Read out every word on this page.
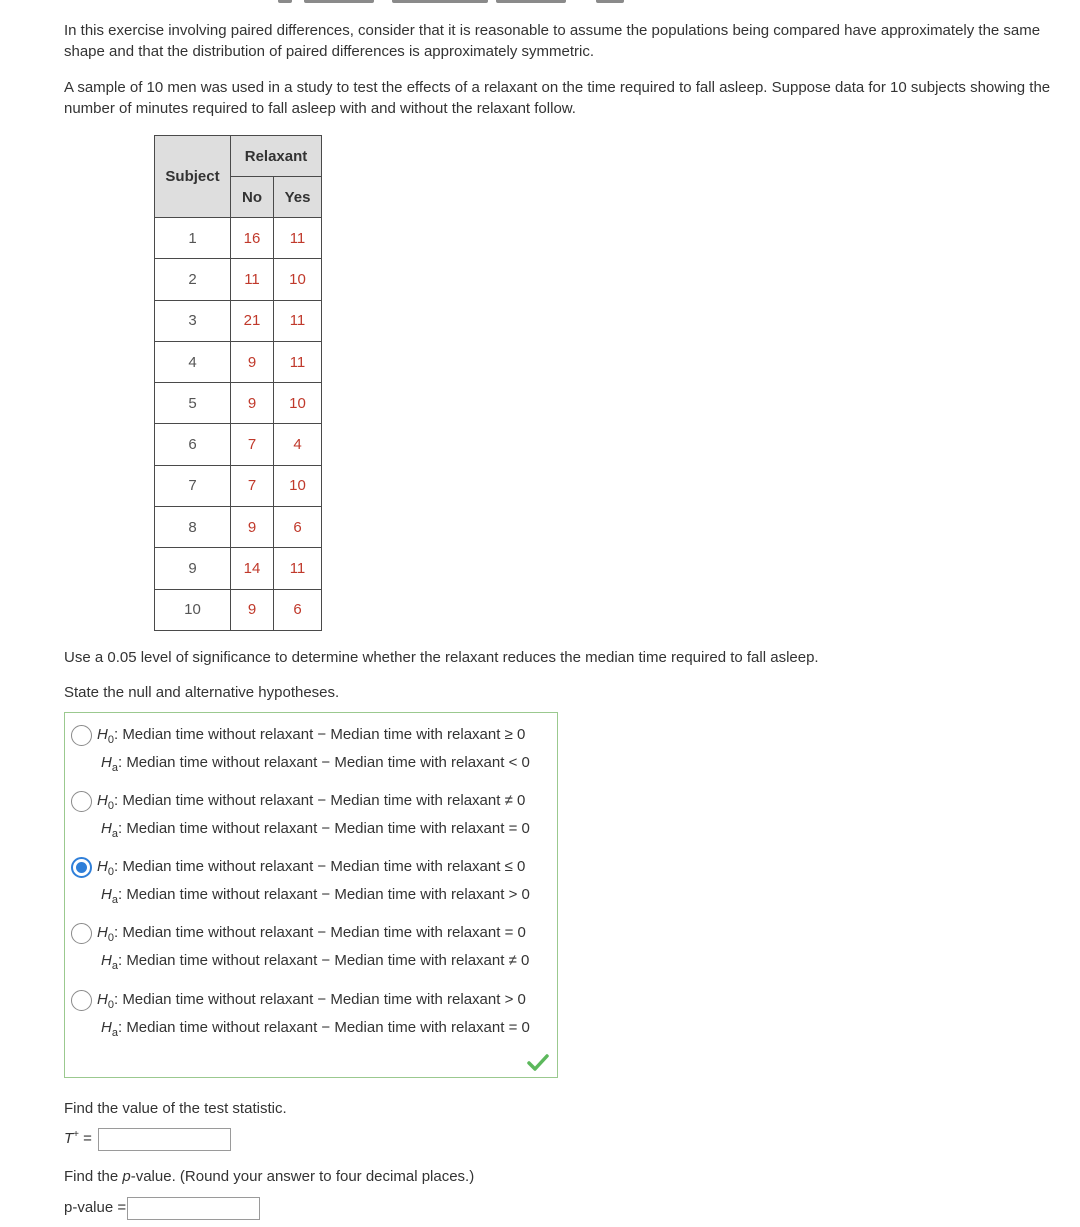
In this exercise involving paired differences, consider that it is reasonable to assume the populations being compared have approximately the same shape and that the distribution of paired differences is approximately symmetric.

A sample of 10 men was used in a study to test the effects of a relaxant on the time required to fall asleep. Suppose data for 10 subjects showing the number of minutes required to fall asleep with and without the relaxant follow.

Subject	Relaxant	
	No	Yes
1	16	11
2	11	10
3	21	11
4	9	11
5	9	10
6	7	4
7	7	10
8	9	6
9	14	11
10	9	6

Use a 0.05 level of significance to determine whether the relaxant reduces the median time required to fall asleep.

State the null and alternative hypotheses.

$H_0$: Median time without relaxant − Median time with relaxant ≥ 0
$H_a$: Median time without relaxant − Median time with relaxant < 0
$H_0$: Median time without relaxant − Median time with relaxant ≠ 0
$H_a$: Median time without relaxant − Median time with relaxant = 0
$H_0$: Median time without relaxant − Median time with relaxant ≤ 0
$H_a$: Median time without relaxant − Median time with relaxant > 0
$H_0$: Median time without relaxant − Median time with relaxant = 0
$H_a$: Median time without relaxant − Median time with relaxant ≠ 0
$H_0$: Median time without relaxant − Median time with relaxant > 0
$H_a$: Median time without relaxant − Median time with relaxant = 0
Find the value of the test statistic.
T+ =
Find the p-value. (Round your answer to four decimal places.)
p-value =
